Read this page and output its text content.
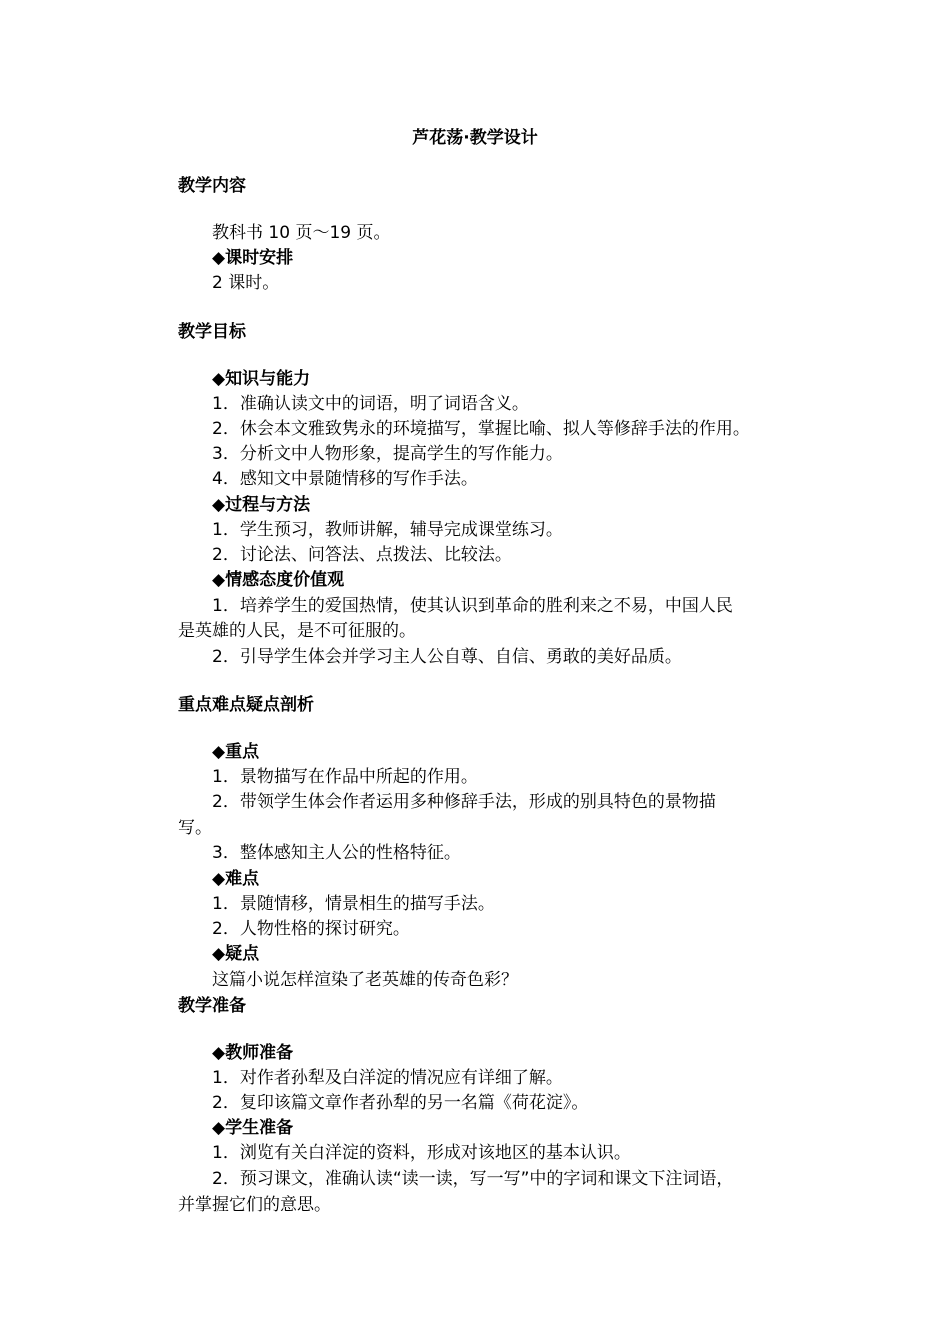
芦花荡·教学设计
教学内容
教科书 10 页～19 页。
◆课时安排
2 课时。
教学目标
◆知识与能力
1．准确认读文中的词语，明了词语含义。
2．休会本文雅致隽永的环境描写，掌握比喻、拟人等修辞手法的作用。
3．分析文中人物形象，提高学生的写作能力。
4．感知文中景随情移的写作手法。
◆过程与方法
1．学生预习，教师讲解，辅导完成课堂练习。
2．讨论法、问答法、点拨法、比较法。
◆情感态度价值观
1．培养学生的爱国热情，使其认识到革命的胜利来之不易，中国人民
是英雄的人民，是不可征服的。
2．引导学生体会并学习主人公自尊、自信、勇敢的美好品质。
重点难点疑点剖析
◆重点
1．景物描写在作品中所起的作用。
2．带领学生体会作者运用多种修辞手法，形成的别具特色的景物描
写。
3．整体感知主人公的性格特征。
◆难点
1．景随情移，情景相生的描写手法。
2．人物性格的探讨研究。
◆疑点
这篇小说怎样渲染了老英雄的传奇色彩？
教学准备
◆教师准备
1．对作者孙犁及白洋淀的情况应有详细了解。
2．复印该篇文章作者孙犁的另一名篇《荷花淀》。
◆学生准备
1．浏览有关白洋淀的资料，形成对该地区的基本认识。
2．预习课文，准确认读“读一读，写一写”中的字词和课文下注词语，
并掌握它们的意思。
